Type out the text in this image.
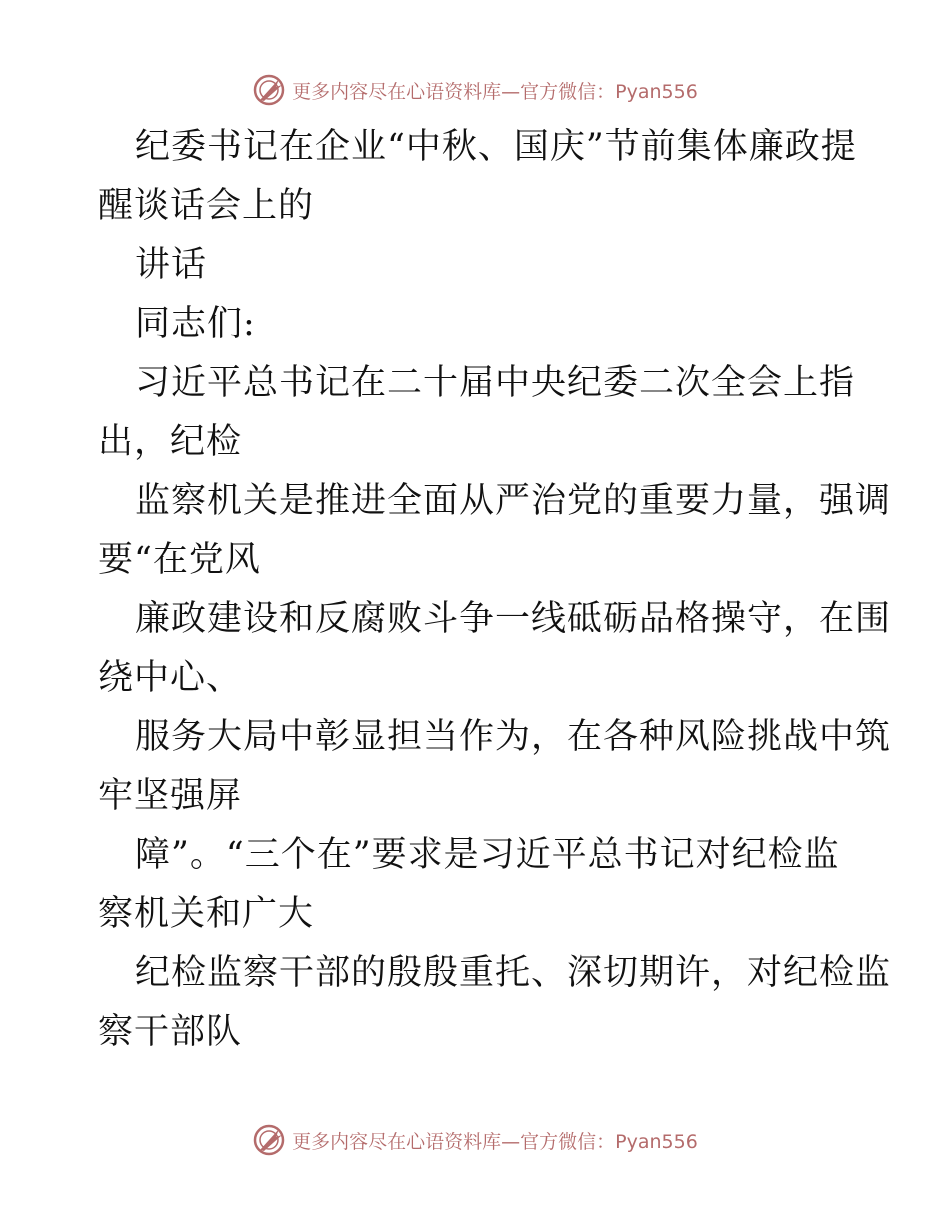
更多内容尽在心语资料库—官方微信：Pyan556
纪委书记在企业“中秋、国庆”节前集体廉政提
醒谈话会上的
讲话
同志们:
习近平总书记在二十届中央纪委二次全会上指
出，纪检
监察机关是推进全面从严治党的重要力量，强调
要“在党风
廉政建设和反腐败斗争一线砥砺品格操守，在围
绕中心、
服务大局中彰显担当作为，在各种风险挑战中筑
牢坚强屏
障”。“三个在”要求是习近平总书记对纪检监
察机关和广大
纪检监察干部的殷殷重托、深切期许，对纪检监
察干部队
更多内容尽在心语资料库—官方微信：Pyan556
